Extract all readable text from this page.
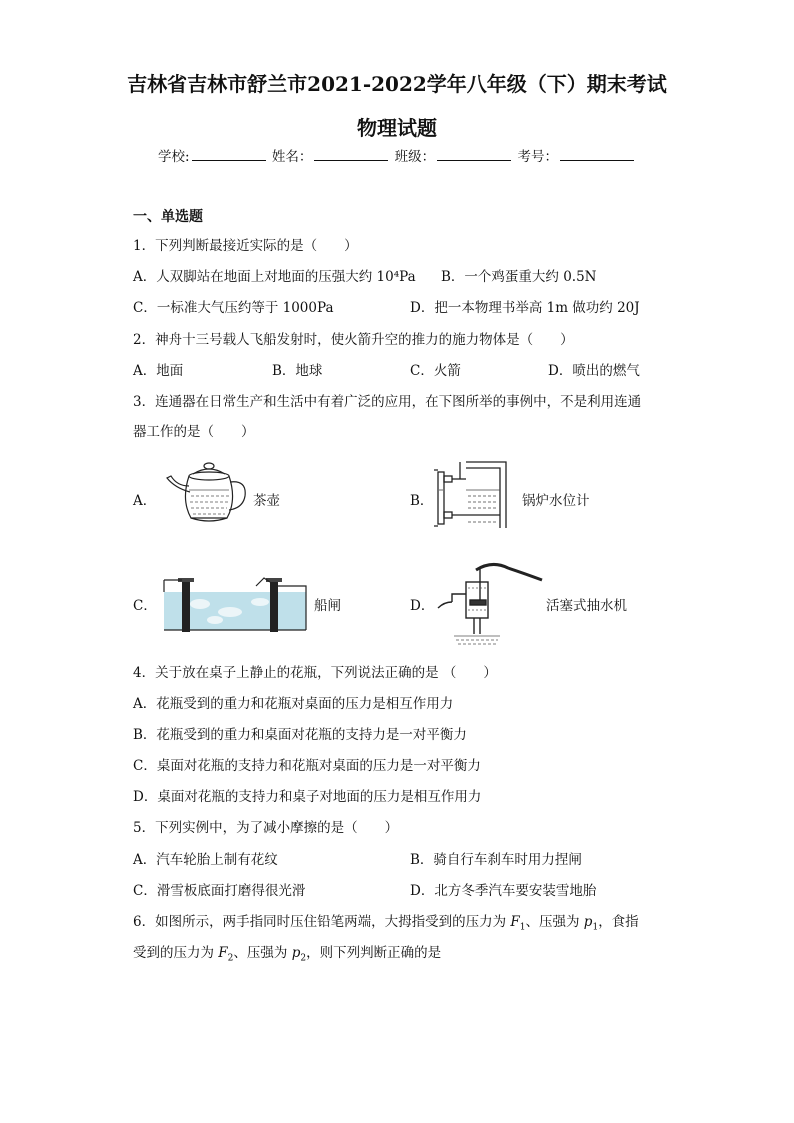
吉林省吉林市舒兰市2021-2022学年八年级（下）期末考试
物理试题
学校:	姓名：	班级：	考号：
一、单选题
1．下列判断最接近实际的是（　　）
A．人双脚站在地面上对地面的压强大约 10⁴Pa B．一个鸡蛋重大约 0.5N
C．一标准大气压约等于 1000Pa	D．把一本物理书举高 1m 做功约 20J
2．神舟十三号载人飞船发射时，使火箭升空的推力的施力物体是（　　）
A．地面	B．地球	C．火箭	D．喷出的燃气
3．连通器在日常生产和生活中有着广泛的应用，在下图所举的事例中，不是利用连通
器工作的是（　　）
A．	茶壶	B．	锅炉水位计
C．	船闸	D．	活塞式抽水机
4．关于放在桌子上静止的花瓶，下列说法正确的是 （　　）
A．花瓶受到的重力和花瓶对桌面的压力是相互作用力
B．花瓶受到的重力和桌面对花瓶的支持力是一对平衡力
C．桌面对花瓶的支持力和花瓶对桌面的压力是一对平衡力
D．桌面对花瓶的支持力和桌子对地面的压力是相互作用力
5．下列实例中，为了减小摩擦的是（　　）
A．汽车轮胎上制有花纹	B．骑自行车刹车时用力捏闸
C．滑雪板底面打磨得很光滑	D．北方冬季汽车要安装雪地胎
6．如图所示，两手指同时压住铅笔两端，大拇指受到的压力为 $F_1$、压强为 $p_1$，食指
受到的压力为 $F_2$、压强为 $p_2$，则下列判断正确的是
